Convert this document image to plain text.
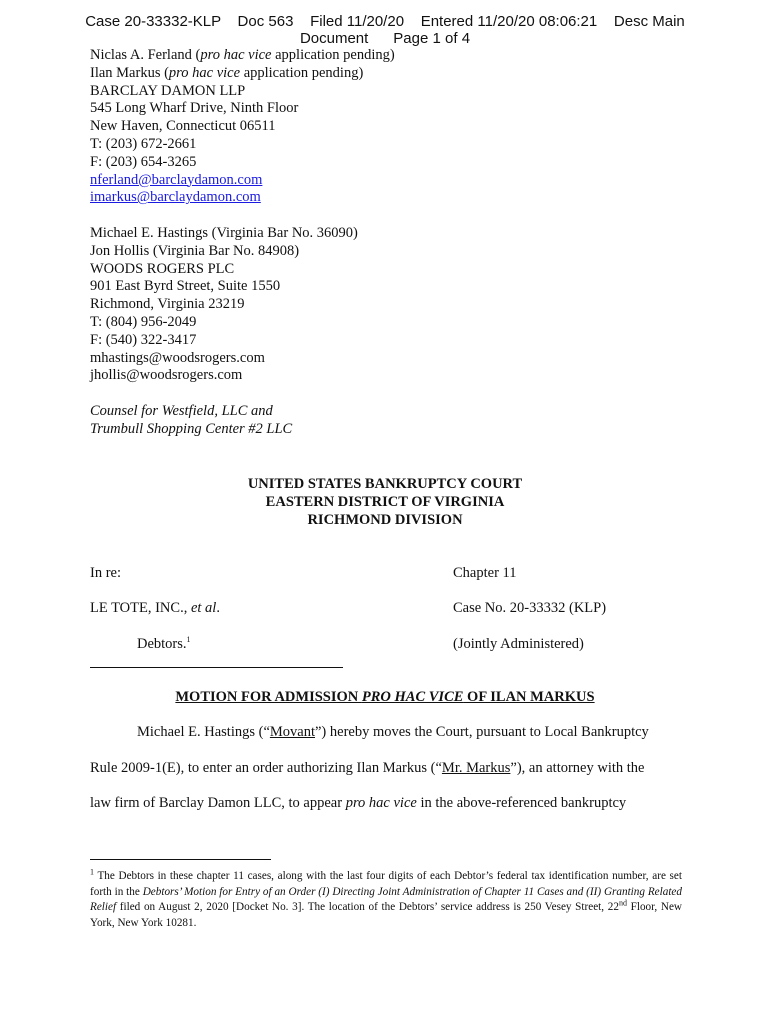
Case 20-33332-KLP    Doc 563    Filed 11/20/20    Entered 11/20/20 08:06:21    Desc Main
Document      Page 1 of 4
Niclas A. Ferland (pro hac vice application pending)
Ilan Markus (pro hac vice application pending)
BARCLAY DAMON LLP
545 Long Wharf Drive, Ninth Floor
New Haven, Connecticut 06511
T: (203) 672-2661
F: (203) 654-3265
nferland@barclaydamon.com
imarkus@barclaydamon.com
Michael E. Hastings (Virginia Bar No. 36090)
Jon Hollis (Virginia Bar No. 84908)
WOODS ROGERS PLC
901 East Byrd Street, Suite 1550
Richmond, Virginia 23219
T: (804) 956-2049
F: (540) 322-3417
mhastings@woodsrogers.com
jhollis@woodsrogers.com
Counsel for Westfield, LLC and
Trumbull Shopping Center #2 LLC
UNITED STATES BANKRUPTCY COURT
EASTERN DISTRICT OF VIRGINIA
RICHMOND DIVISION
In re:
LE TOTE, INC., et al.
Debtors.$^1$
Chapter 11
Case No. 20-33332 (KLP)
(Jointly Administered)
MOTION FOR ADMISSION PRO HAC VICE OF ILAN MARKUS
Michael E. Hastings (“Movant”) hereby moves the Court, pursuant to Local Bankruptcy
Rule 2009-1(E), to enter an order authorizing Ilan Markus (“Mr. Markus”), an attorney with the
law firm of Barclay Damon LLC, to appear pro hac vice in the above-referenced bankruptcy
$^1$ The Debtors in these chapter 11 cases, along with the last four digits of each Debtor’s federal tax identification number, are set forth in the Debtors’ Motion for Entry of an Order (I) Directing Joint Administration of Chapter 11 Cases and (II) Granting Related Relief filed on August 2, 2020 [Docket No. 3]. The location of the Debtors’ service address is 250 Vesey Street, 22nd Floor, New York, New York 10281.
